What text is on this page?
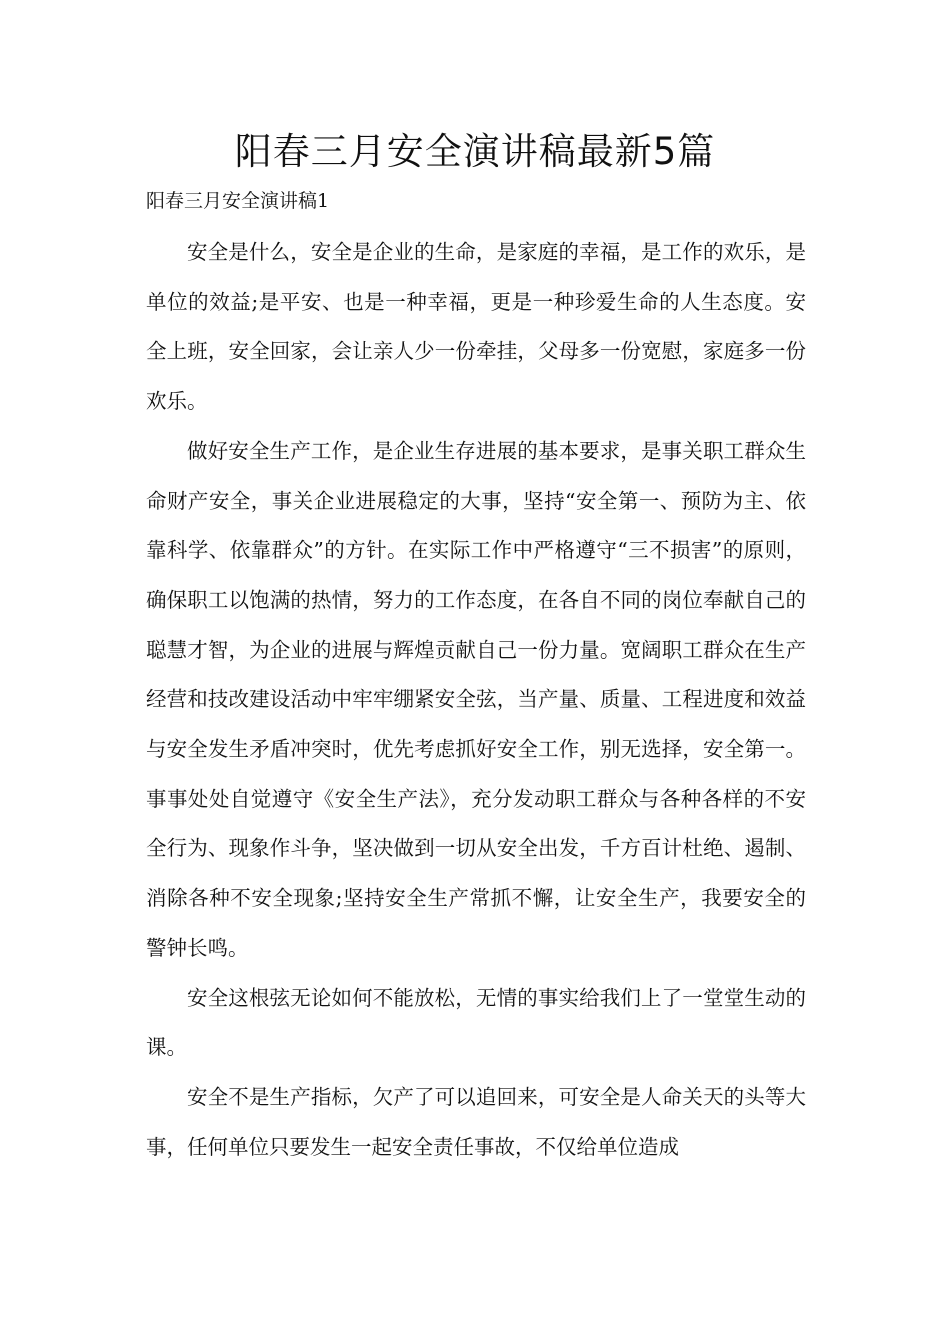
阳春三月安全演讲稿最新5篇
阳春三月安全演讲稿1

安全是什么，安全是企业的生命，是家庭的幸福，是工作的欢乐，是单位的效益;是平安、也是一种幸福，更是一种珍爱生命的人生态度。安全上班，安全回家，会让亲人少一份牵挂，父母多一份宽慰，家庭多一份欢乐。

做好安全生产工作，是企业生存进展的基本要求，是事关职工群众生命财产安全，事关企业进展稳定的大事，坚持“安全第一、预防为主、依靠科学、依靠群众”的方针。在实际工作中严格遵守“三不损害”的原则，确保职工以饱满的热情，努力的工作态度，在各自不同的岗位奉献自己的聪慧才智，为企业的进展与辉煌贡献自己一份力量。宽阔职工群众在生产经营和技改建设活动中牢牢绷紧安全弦，当产量、质量、工程进度和效益与安全发生矛盾冲突时，优先考虑抓好安全工作，别无选择，安全第一。事事处处自觉遵守《安全生产法》，充分发动职工群众与各种各样的不安全行为、现象作斗争，坚决做到一切从安全出发，千方百计杜绝、遏制、消除各种不安全现象;坚持安全生产常抓不懈，让安全生产，我要安全的警钟长鸣。

安全这根弦无论如何不能放松，无情的事实给我们上了一堂堂生动的课。

安全不是生产指标，欠产了可以追回来，可安全是人命关天的头等大事，任何单位只要发生一起安全责任事故，不仅给单位造成
